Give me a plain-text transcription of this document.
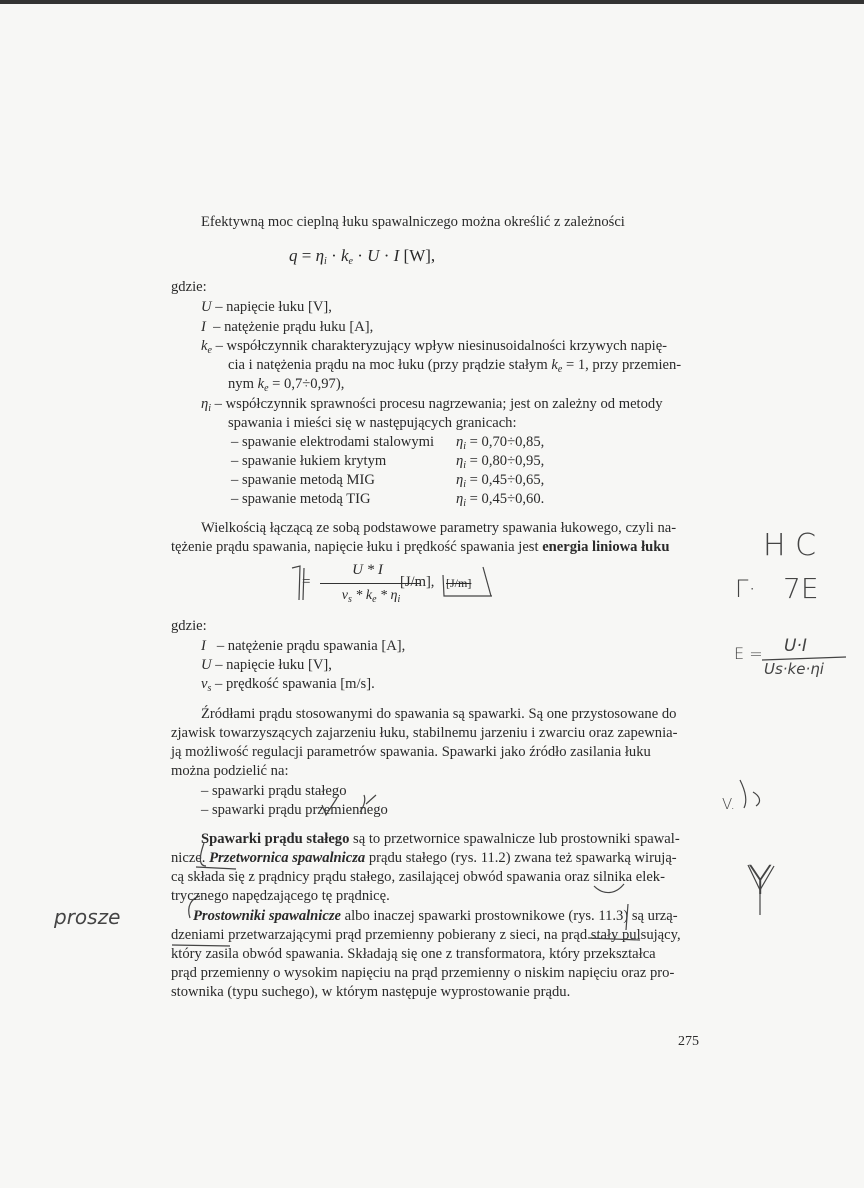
Efektywną moc cieplną łuku spawalniczego można określić z zależności
$q = \eta_i \cdot k_e \cdot U \cdot I$ [W],
gdzie:
U – napięcie łuku [V],
I  – natężenie prądu łuku [A],
$k_e$ – współczynnik charakteryzujący wpływ niesinusoidalności krzywych napię-
cia i natężenia prądu na moc łuku (przy prądzie stałym $k_e = 1$, przy przemien-
nym $k_e = 0,7\div 0,97$),
$\eta_i$ – współczynnik sprawności procesu nagrzewania; jest on zależny od metody
spawania i mieści się w następujących granicach:
– spawanie elektrodami stalowymi $\eta_i = 0,70\div 0,85$,
– spawanie łukiem krytym	$\eta_i = 0,80\div 0,95$,
– spawanie metodą MIG	$\eta_i = 0,45\div 0,65$,
– spawanie metodą TIG	$\eta_i = 0,45\div 0,60$.
Wielkością łączącą ze sobą podstawowe parametry spawania łukowego, czyli na-
tężenie prądu spawania, napięcie łuku i prędkość spawania jest energia liniowa łuku
U * I
$v_s * k_e * \eta_i$
=	[J/m], [J/m]
gdzie:
I   – natężenie prądu spawania [A],
U – napięcie łuku [V],
$v_s$ – prędkość spawania [m/s].
Źródłami prądu stosowanymi do spawania są spawarki. Są one przystosowane do
zjawisk towarzyszących zajarzeniu łuku, stabilnemu jarzeniu i zwarciu oraz zapewnia-
ją możliwość regulacji parametrów spawania. Spawarki jako źródło zasilania łuku
można podzielić na:
– spawarki prądu stałego
– spawarki prądu przemiennego
Spawarki prądu stałego są to przetwornice spawalnicze lub prostowniki spawal-
nicze. Przetwornica spawalnicza prądu stałego (rys. 11.2) zwana też spawarką wirują-
cą składa się z prądnicy prądu stałego, zasilającej obwód spawania oraz silnika elek-
trycznego napędzającego tę prądnicę.
Prostowniki spawalnicze albo inaczej spawarki prostownikowe (rys. 11.3) są urzą-
dzeniami przetwarzającymi prąd przemienny pobierany z sieci, na prąd stały pulsujący,
który zasila obwód spawania. Składają się one z transformatora, który przekształca
prąd przemienny o wysokim napięciu na prąd przemienny o niskim napięciu oraz pro-
stownika (typu suchego), w którym następuje wyprostowanie prądu.
275
H C
Γ· 7E
E = U·I
Us·ke·ηi
V.
Y
prosze
